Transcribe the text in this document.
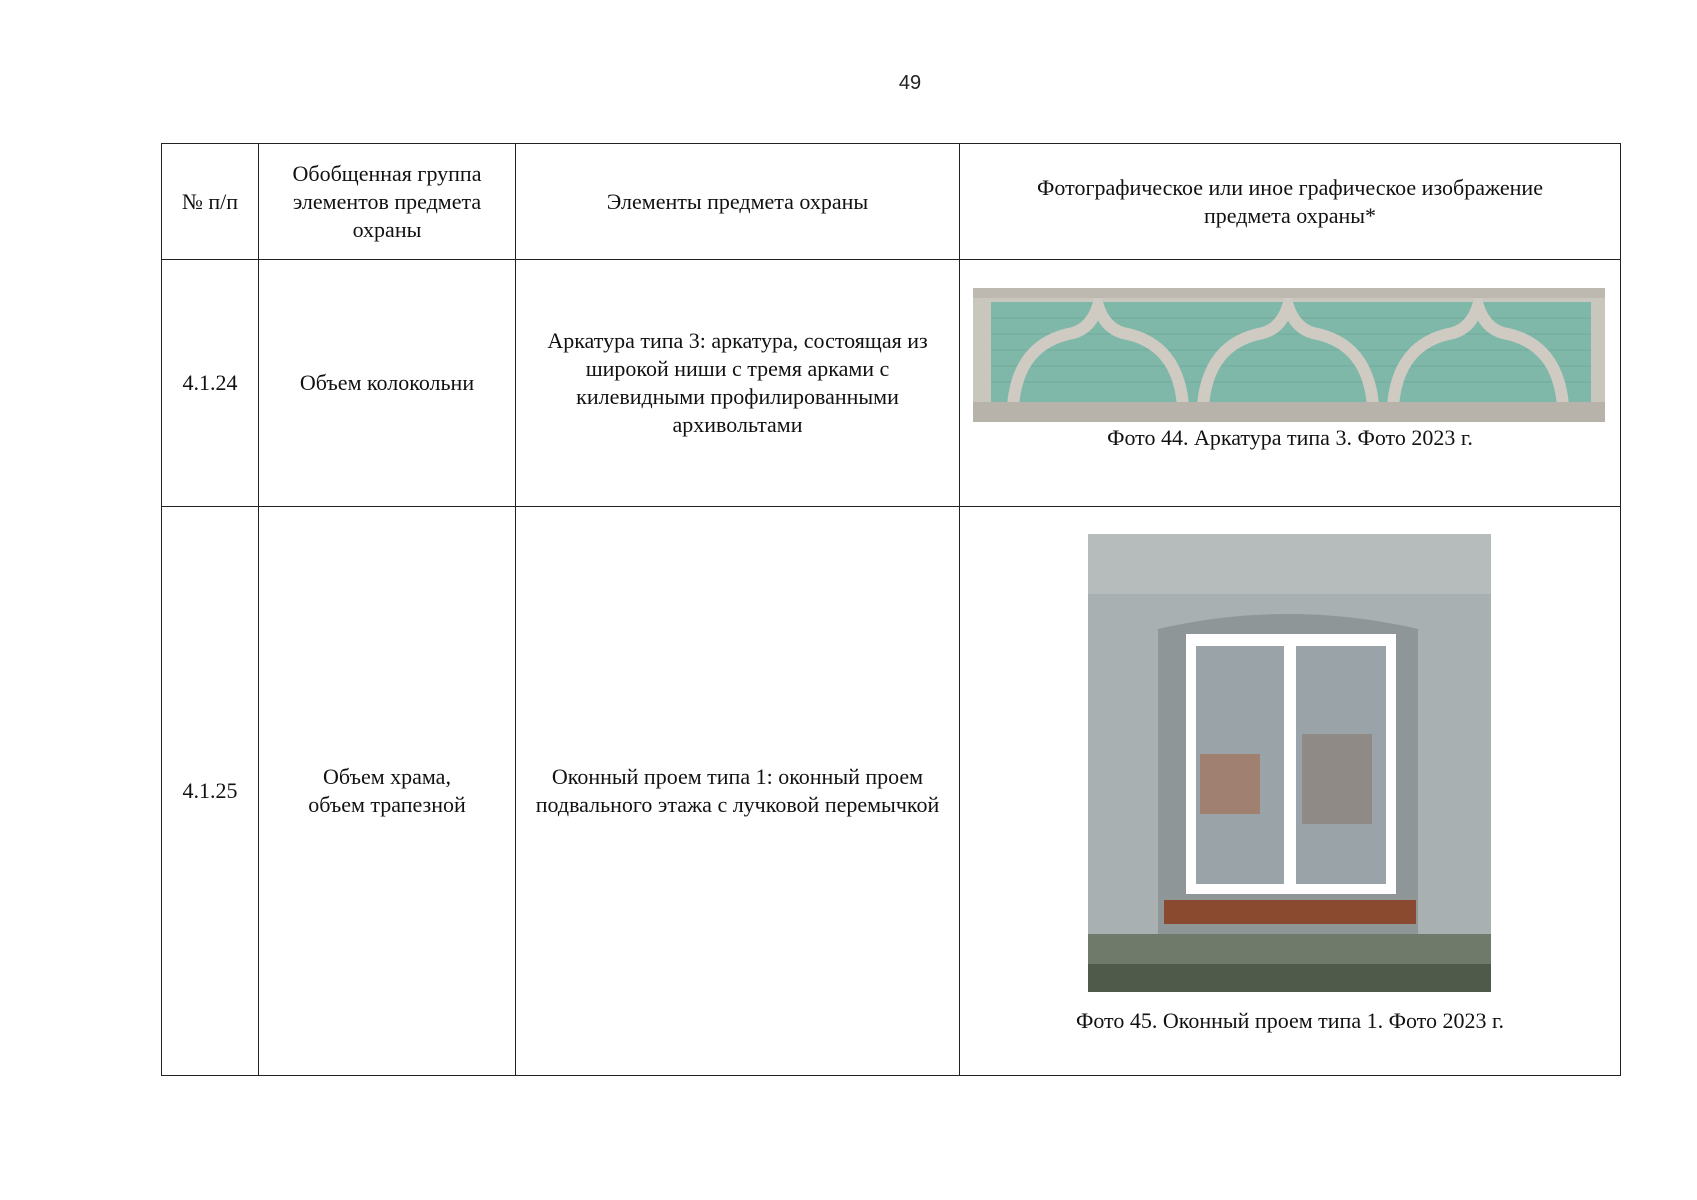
49
№ п/п	Обобщенная группа элементов предмета охраны	Элементы предмета охраны	Фотографическое или иное графическое изображение предмета охраны*

4.1.24	Объем колокольни	Аркатура типа 3: аркатура, состоящая из широкой ниши с тремя арками с килевидными профилированными архивольтами	Фото 44. Аркатура типа 3. Фото 2023 г.

4.1.25	Объем храма, объем трапезной	Оконный проем типа 1: оконный проем подвального этажа с лучковой перемычкой	Фото 45. Оконный проем типа 1. Фото 2023 г.
